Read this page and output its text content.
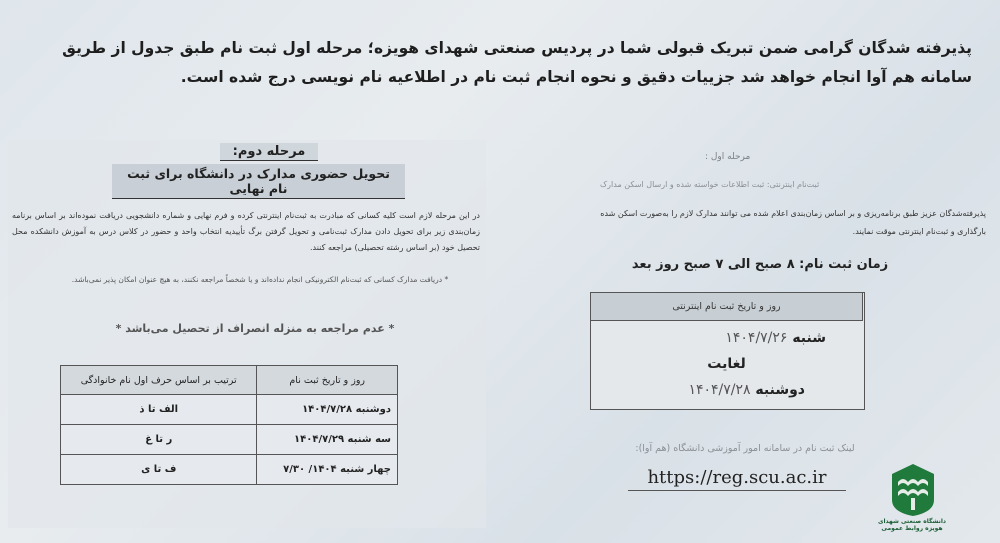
پذیرفته شدگان گرامی ضمن تبریک قبولی شما در پردیس صنعتی شهدای هویزه؛ مرحله اول ثبت نام طبق جدول از طریق سامانه هم آوا انجام خواهد شد جزییات دقیق و نحوه انجام ثبت نام در اطلاعیه نام نویسی درج شده است.
مرحله دوم:
تحویل حضوری مدارک در دانشگاه برای ثبت نام نهایی
در این مرحله لازم است کلیه کسانی که مبادرت به ثبت‌نام اینترنتی کرده و فرم نهایی و شماره دانشجویی دریافت نموده‌اند بر اساس برنامه زمان‌بندی زیر برای تحویل دادن مدارک ثبت‌نامی و تحویل گرفتن برگ تأییدیه انتخاب واحد و حضور در کلاس درس به آموزش دانشکده محل تحصیل خود (بر اساس رشته تحصیلی) مراجعه کنند.
* دریافت مدارک کسانی که ثبت‌نام الکترونیکی انجام نداده‌اند و یا شخصاً مراجعه نکنند، به هیچ عنوان امکان پذیر نمی‌باشد.
* عدم مراجعه به منزله انصراف از تحصیل می‌باشد *
روز و تاریخ ثبت نام	ترتیب بر اساس حرف اول نام خانوادگی
دوشنبه ۱۴۰۴/۷/۲۸	الف تا ذ
سه شنبه ۱۴۰۴/۷/۲۹	ر تا غ
چهار شنبه ۱۴۰۴/ ۷/۳۰	ف تا ی
مرحله اول :
ثبت‌نام اینترنتی: ثبت اطلاعات خواسته شده و ارسال اسکن مدارک
پذیرفته‌شدگان عزیز طبق برنامه‌ریزی و بر اساس زمان‌بندی اعلام شده می توانند مدارک لازم را به‌صورت اسکن شده بارگذاری و ثبت‌نام اینترنتی موقت نمایند.
زمان ثبت نام: ۸ صبح الی ۷ صبح روز بعد
روز و تاریخ ثبت نام اینترنتی
شنبه ۱۴۰۴/۷/۲۶
لغایت
دوشنبه ۱۴۰۴/۷/۲۸
لینک ثبت نام در سامانه امور آموزشی دانشگاه (هم آوا):
https://reg.scu.ac.ir
دانشگاه صنعتی شهدای هویزه روابط عمومی
